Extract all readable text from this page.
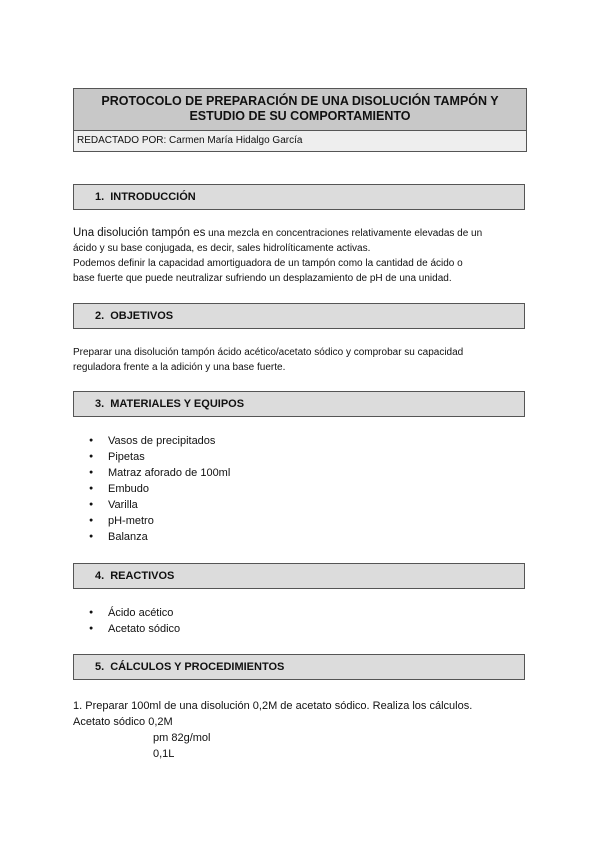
PROTOCOLO DE PREPARACIÓN DE UNA DISOLUCIÓN TAMPÓN Y
ESTUDIO DE SU COMPORTAMIENTO
REDACTADO POR: Carmen María Hidalgo García
1. INTRODUCCIÓN
Una disolución tampón es una mezcla en concentraciones relativamente elevadas de un
ácido y su base conjugada, es decir, sales hidrolíticamente activas.
Podemos definir la capacidad amortiguadora de un tampón como la cantidad de ácido o
base fuerte que puede neutralizar sufriendo un desplazamiento de pH de una unidad.
2. OBJETIVOS
Preparar una disolución tampón ácido acético/acetato sódico y comprobar su capacidad
reguladora frente a la adición y una base fuerte.
3. MATERIALES Y EQUIPOS
● Vasos de precipitados
● Pipetas
● Matraz aforado de 100ml
● Embudo
● Varilla
● pH-metro
● Balanza
4. REACTIVOS
● Ácido acético
● Acetato sódico
5. CÁLCULOS Y PROCEDIMIENTOS
1. Preparar 100ml de una disolución 0,2M de acetato sódico. Realiza los cálculos.
Acetato sódico 0,2M
pm 82g/mol
0,1L
